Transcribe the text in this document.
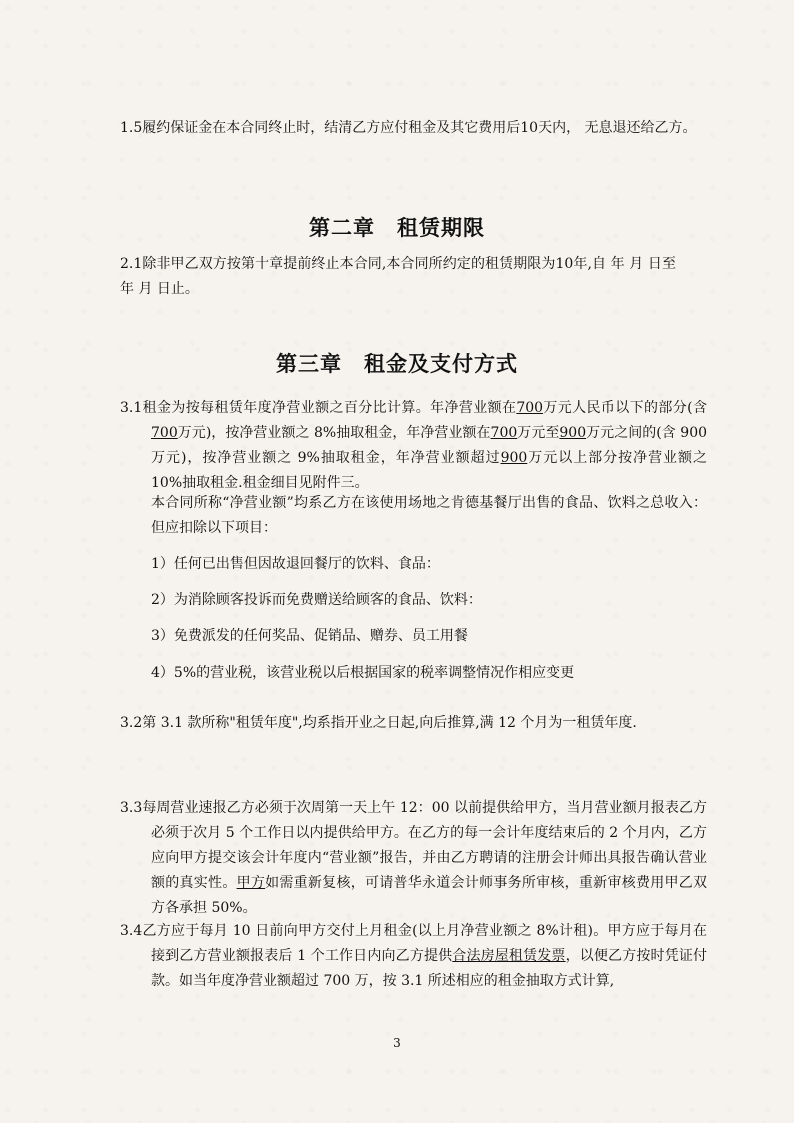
1.5履约保证金在本合同终止时，结清乙方应付租金及其它费用后10天内， 无息退还给乙方。
第二章　租赁期限
2.1除非甲乙双方按第十章提前终止本合同,本合同所约定的租赁期限为10年,自 年 月 日至 年 月 日止。
第三章　租金及支付方式
3.1租金为按每租赁年度净营业额之百分比计算。年净营业额在700万元人民币以下的部分(含700万元)，按净营业额之 8%抽取租金，年净营业额在700万元至900万元之间的(含 900 万元)，按净营业额之 9%抽取租金，年净营业额超过900万元以上部分按净营业额之 10%抽取租金.租金细目见附件三。
本合同所称“净营业额”均系乙方在该使用场地之肯德基餐厅出售的食品、饮料之总收入：但应扣除以下项目：
1）任何已出售但因故退回餐厅的饮料、食品：
2）为消除顾客投诉而免费赠送给顾客的食品、饮料：
3）免费派发的任何奖品、促销品、赠券、员工用餐
4）5%的营业税，该营业税以后根据国家的税率调整情况作相应变更
3.2第 3.1 款所称"租赁年度",均系指开业之日起,向后推算,满 12 个月为一租赁年度.
3.3每周营业速报乙方必须于次周第一天上午 12：00 以前提供给甲方，当月营业额月报表乙方必须于次月 5 个工作日以内提供给甲方。在乙方的每一会计年度结束后的 2 个月内，乙方应向甲方提交该会计年度内“营业额”报告，并由乙方聘请的注册会计师出具报告确认营业额的真实性。甲方如需重新复核，可请普华永道会计师事务所审核，重新审核费用甲乙双方各承担 50%。
3.4乙方应于每月 10 日前向甲方交付上月租金(以上月净营业额之 8%计租)。甲方应于每月在接到乙方营业额报表后 1 个工作日内向乙方提供合法房屋租赁发票，以便乙方按时凭证付款。如当年度净营业额超过 700 万，按 3.1 所述相应的租金抽取方式计算,
3
